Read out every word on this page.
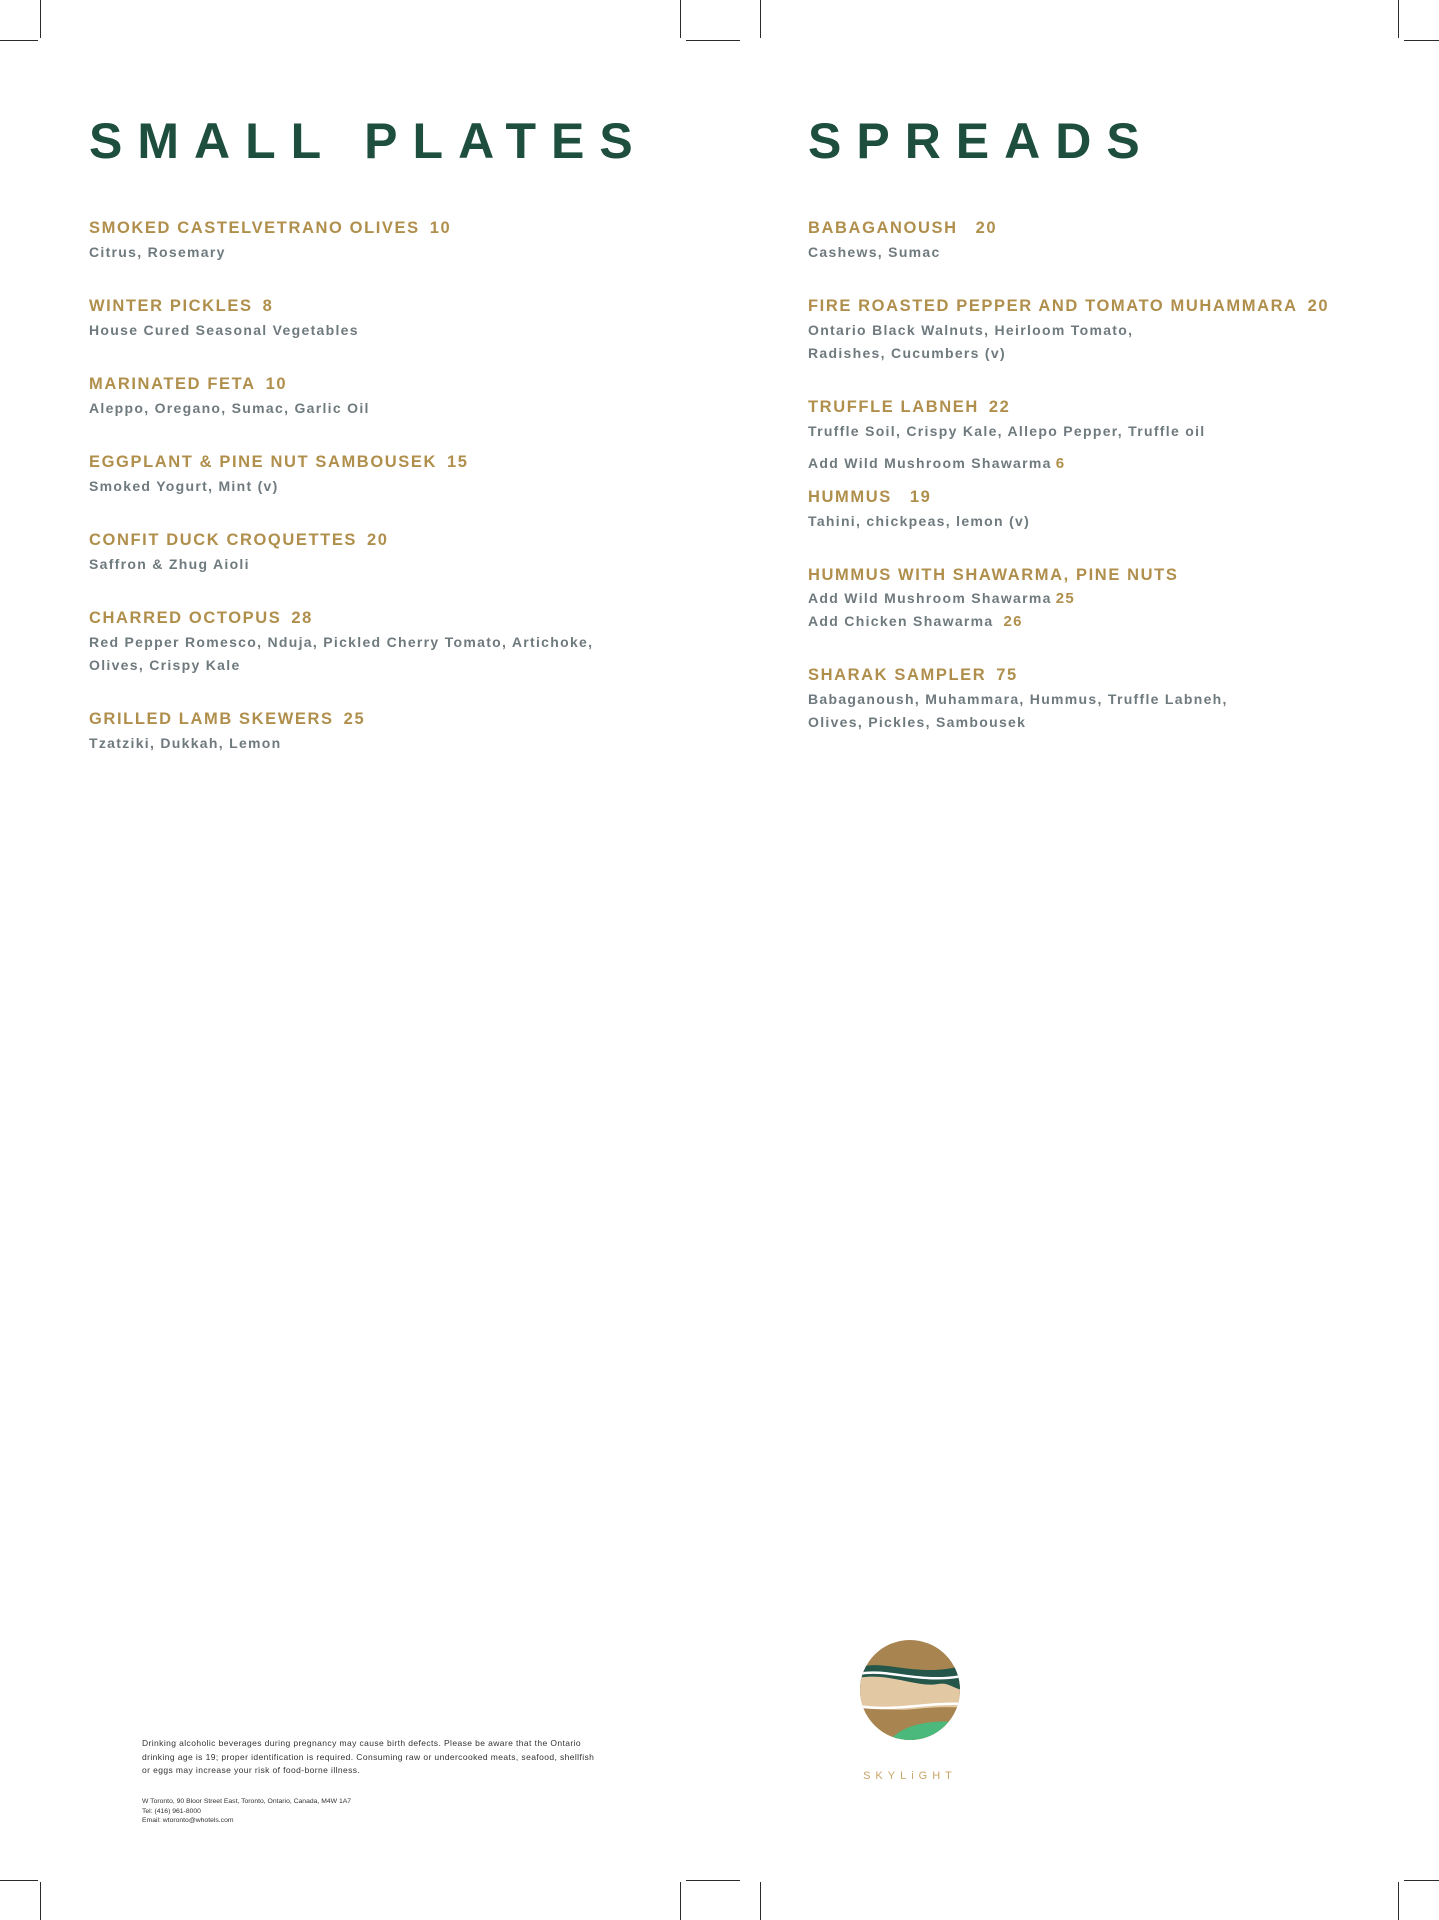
SMALL PLATES
SMOKED CASTELVETRANO OLIVES 10
Citrus, Rosemary
WINTER PICKLES 8
House Cured Seasonal Vegetables
MARINATED FETA 10
Aleppo, Oregano, Sumac, Garlic Oil
EGGPLANT & PINE NUT SAMBOUSEK 15
Smoked Yogurt, Mint (v)
CONFIT DUCK CROQUETTES 20
Saffron & Zhug Aioli
CHARRED OCTOPUS 28
Red Pepper Romesco, Nduja, Pickled Cherry Tomato, Artichoke, Olives, Crispy Kale
GRILLED LAMB SKEWERS 25
Tzatziki, Dukkah, Lemon
SPREADS
BABAGANOUSH 20
Cashews, Sumac
FIRE ROASTED PEPPER AND TOMATO MUHAMMARA 20
Ontario Black Walnuts, Heirloom Tomato,
Radishes, Cucumbers (v)
TRUFFLE LABNEH 22
Truffle Soil, Crispy Kale, Allepo Pepper, Truffle oil
Add Wild Mushroom Shawarma 6
HUMMUS 19
Tahini, chickpeas, lemon (v)
HUMMUS WITH SHAWARMA, PINE NUTS
Add Wild Mushroom Shawarma 25
Add Chicken Shawarma 26
SHARAK SAMPLER 75
Babaganoush, Muhammara, Hummus, Truffle Labneh,
Olives, Pickles, Sambousek
Drinking alcoholic beverages during pregnancy may cause birth defects. Please be aware that the Ontario drinking age is 19; proper identification is required. Consuming raw or undercooked meats, seafood, shellfish or eggs may increase your risk of food-borne illness.
W Toronto, 90 Bloor Street East, Toronto, Ontario, Canada, M4W 1A7
Tel: (416) 961-8000
Email: wtoronto@whotels.com
SKYLiGHT
